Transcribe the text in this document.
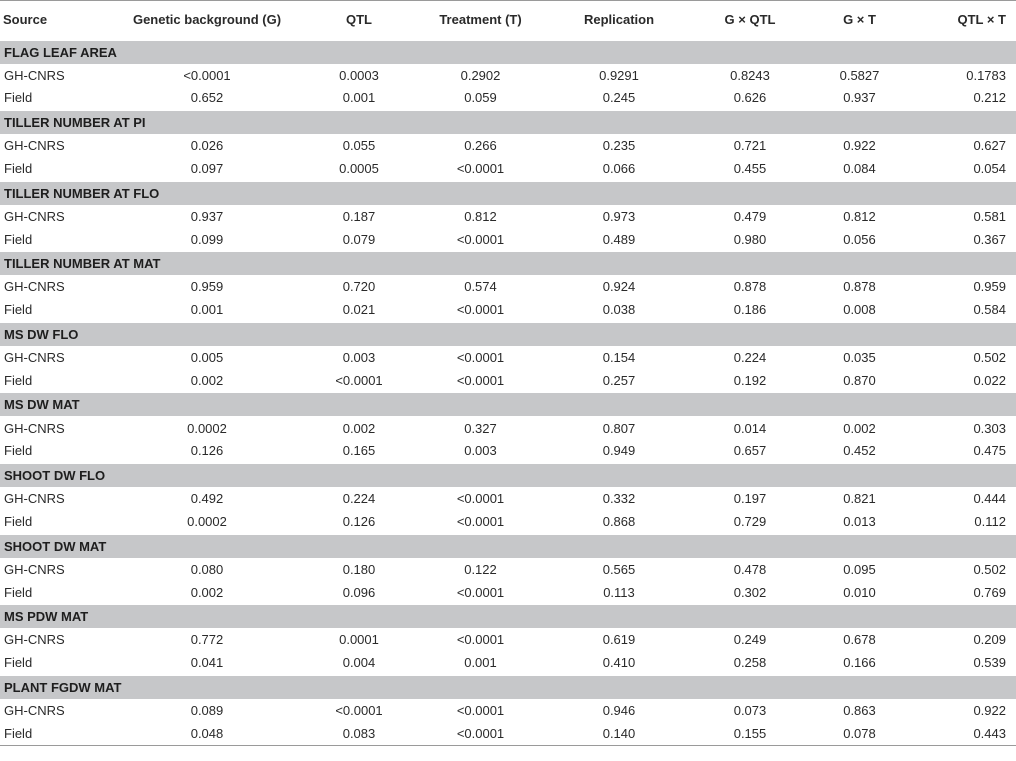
Source	Genetic background (G)	QTL	Treatment (T)	Replication	G × QTL	G × T	QTL × T
FLAG LEAF AREA							
GH-CNRS	<0.0001	0.0003	0.2902	0.9291	0.8243	0.5827	0.1783
Field	0.652	0.001	0.059	0.245	0.626	0.937	0.212
TILLER NUMBER AT PI							
GH-CNRS	0.026	0.055	0.266	0.235	0.721	0.922	0.627
Field	0.097	0.0005	<0.0001	0.066	0.455	0.084	0.054
TILLER NUMBER AT FLO							
GH-CNRS	0.937	0.187	0.812	0.973	0.479	0.812	0.581
Field	0.099	0.079	<0.0001	0.489	0.980	0.056	0.367
TILLER NUMBER AT MAT							
GH-CNRS	0.959	0.720	0.574	0.924	0.878	0.878	0.959
Field	0.001	0.021	<0.0001	0.038	0.186	0.008	0.584
MS DW FLO							
GH-CNRS	0.005	0.003	<0.0001	0.154	0.224	0.035	0.502
Field	0.002	<0.0001	<0.0001	0.257	0.192	0.870	0.022
MS DW MAT							
GH-CNRS	0.0002	0.002	0.327	0.807	0.014	0.002	0.303
Field	0.126	0.165	0.003	0.949	0.657	0.452	0.475
SHOOT DW FLO							
GH-CNRS	0.492	0.224	<0.0001	0.332	0.197	0.821	0.444
Field	0.0002	0.126	<0.0001	0.868	0.729	0.013	0.112
SHOOT DW MAT							
GH-CNRS	0.080	0.180	0.122	0.565	0.478	0.095	0.502
Field	0.002	0.096	<0.0001	0.113	0.302	0.010	0.769
MS PDW MAT							
GH-CNRS	0.772	0.0001	<0.0001	0.619	0.249	0.678	0.209
Field	0.041	0.004	0.001	0.410	0.258	0.166	0.539
PLANT FGDW MAT							
GH-CNRS	0.089	<0.0001	<0.0001	0.946	0.073	0.863	0.922
Field	0.048	0.083	<0.0001	0.140	0.155	0.078	0.443
